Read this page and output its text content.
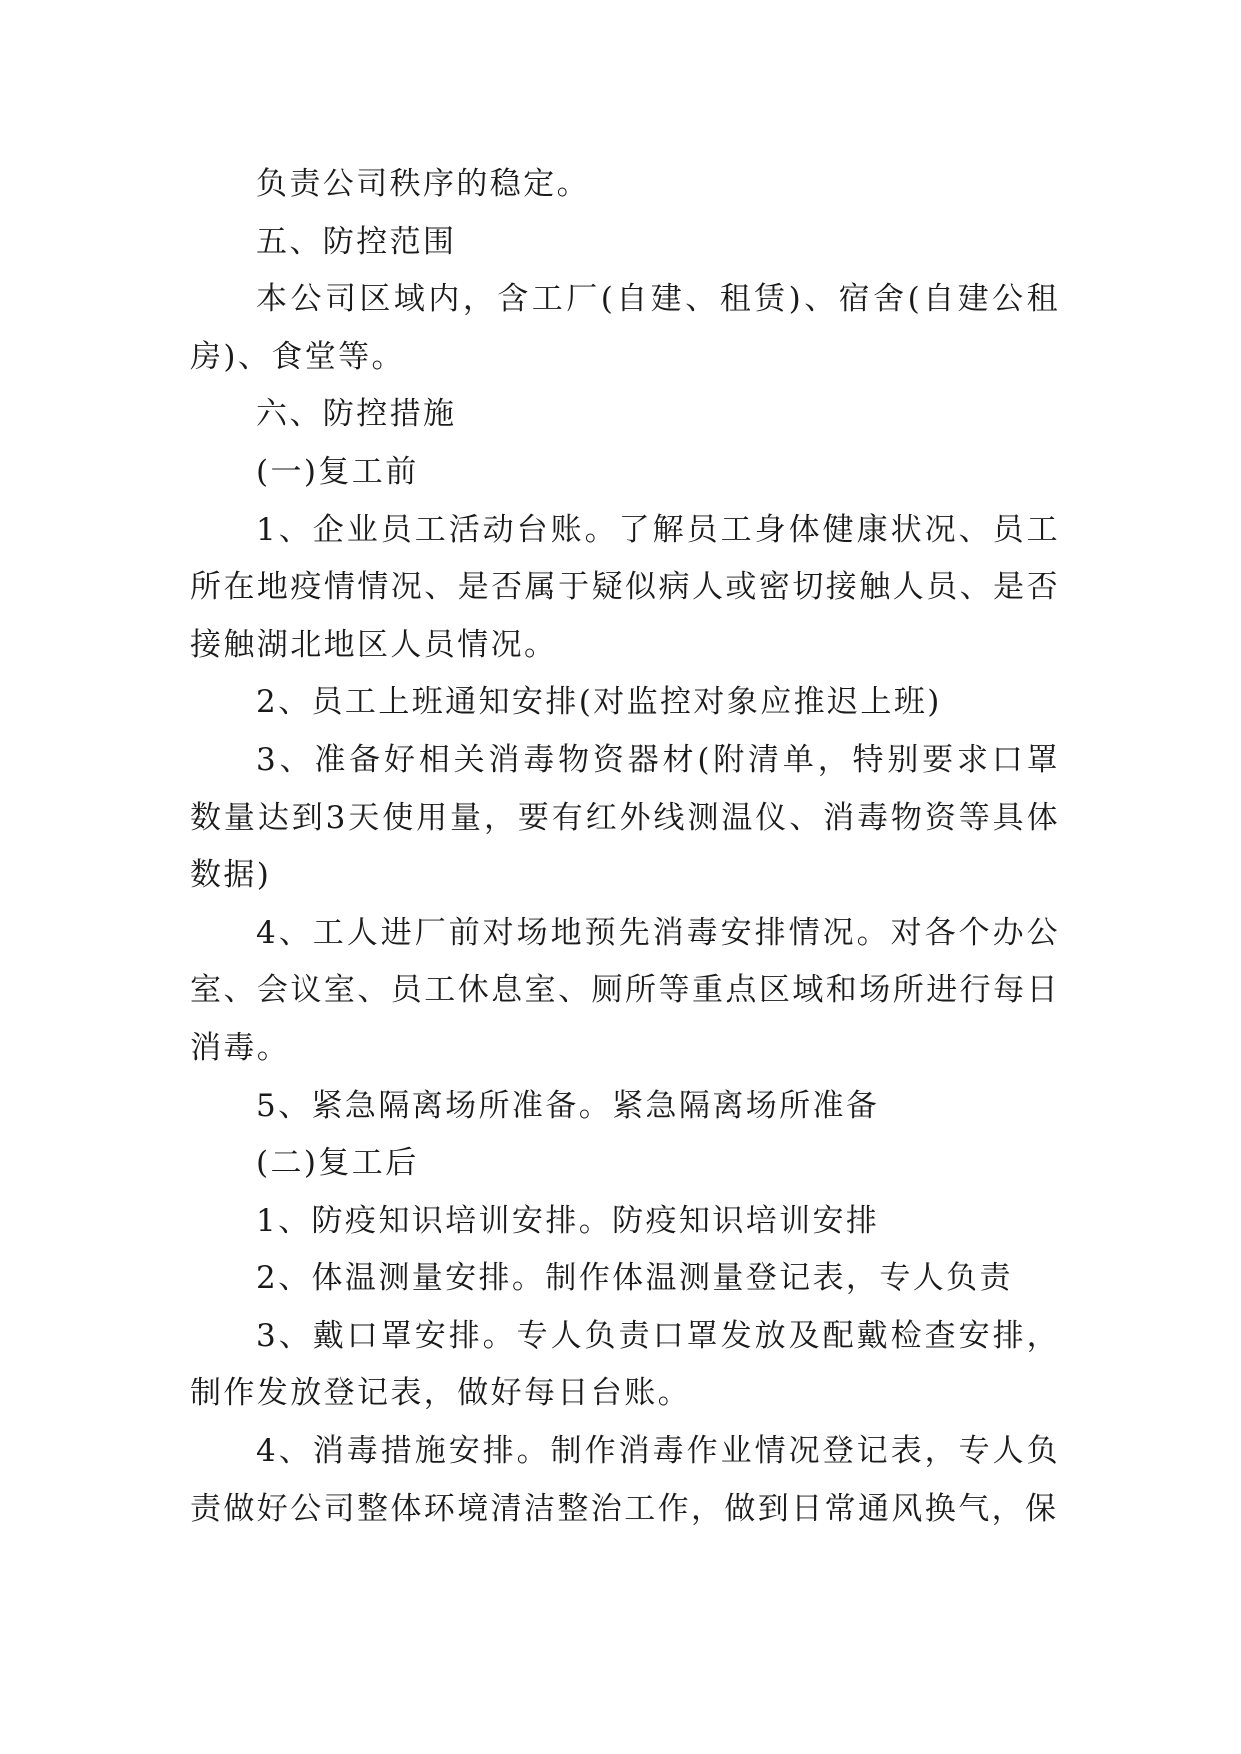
负责公司秩序的稳定。

五、防控范围

本公司区域内，含工厂(自建、租赁)、宿舍(自建公租房)、食堂等。

六、防控措施

(一)复工前

1、企业员工活动台账。了解员工身体健康状况、员工所在地疫情情况、是否属于疑似病人或密切接触人员、是否接触湖北地区人员情况。

2、员工上班通知安排(对监控对象应推迟上班)

3、准备好相关消毒物资器材(附清单，特别要求口罩数量达到3天使用量，要有红外线测温仪、消毒物资等具体数据)

4、工人进厂前对场地预先消毒安排情况。对各个办公室、会议室、员工休息室、厕所等重点区域和场所进行每日消毒。

5、紧急隔离场所准备。紧急隔离场所准备

(二)复工后

1、防疫知识培训安排。防疫知识培训安排

2、体温测量安排。制作体温测量登记表，专人负责

3、戴口罩安排。专人负责口罩发放及配戴检查安排，制作发放登记表，做好每日台账。

4、消毒措施安排。制作消毒作业情况登记表，专人负责做好公司整体环境清洁整治工作，做到日常通风换气，保
